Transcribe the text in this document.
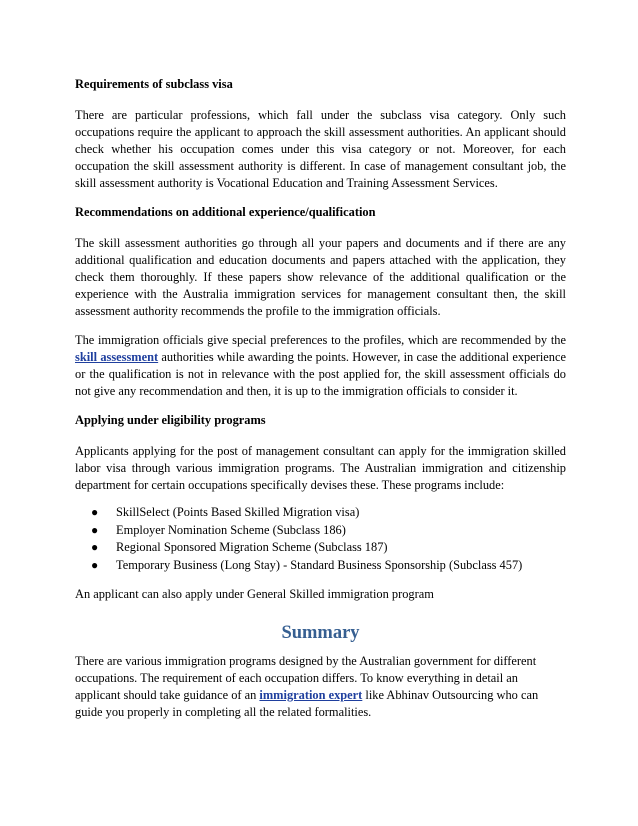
Requirements of subclass visa

There are particular professions, which fall under the subclass visa category. Only such occupations require the applicant to approach the skill assessment authorities. An applicant should check whether his occupation comes under this visa category or not. Moreover, for each occupation the skill assessment authority is different. In case of management consultant job, the skill assessment authority is Vocational Education and Training Assessment Services.

Recommendations on additional experience/qualification

The skill assessment authorities go through all your papers and documents and if there are any additional qualification and education documents and papers attached with the application, they check them thoroughly. If these papers show relevance of the additional qualification or the experience with the Australia immigration services for management consultant then, the skill assessment authority recommends the profile to the immigration officials.

The immigration officials give special preferences to the profiles, which are recommended by the skill assessment authorities while awarding the points. However, in case the additional experience or the qualification is not in relevance with the post applied for, the skill assessment officials do not give any recommendation and then, it is up to the immigration officials to consider it.

Applying under eligibility programs

Applicants applying for the post of management consultant can apply for the immigration skilled labor visa through various immigration programs. The Australian immigration and citizenship department for certain occupations specifically devises these. These programs include:

● SkillSelect (Points Based Skilled Migration visa)
● Employer Nomination Scheme (Subclass 186)
● Regional Sponsored Migration Scheme (Subclass 187)
● Temporary Business (Long Stay) - Standard Business Sponsorship (Subclass 457)

An applicant can also apply under General Skilled immigration program

Summary

There are various immigration programs designed by the Australian government for different occupations. The requirement of each occupation differs. To know everything in detail an applicant should take guidance of an immigration expert like Abhinav Outsourcing who can guide you properly in completing all the related formalities.
